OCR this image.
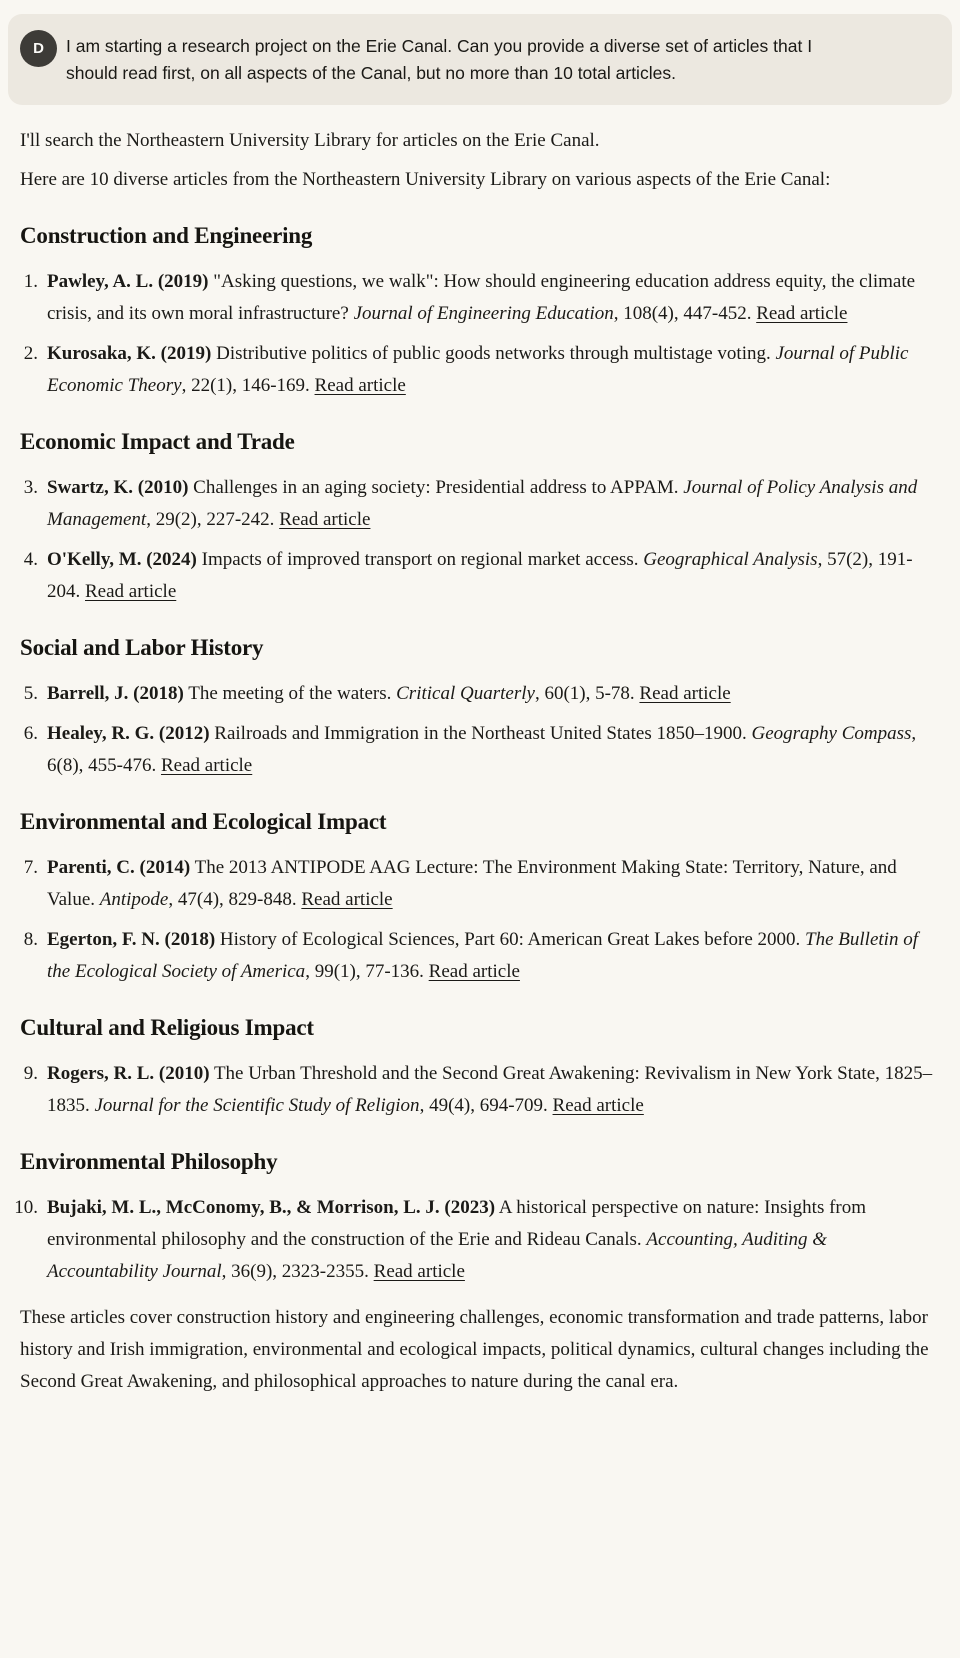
D	I am starting a research project on the Erie Canal. Can you provide a diverse set of articles that I should read first, on all aspects of the Canal, but no more than 10 total articles.

I'll search the Northeastern University Library for articles on the Erie Canal.

Here are 10 diverse articles from the Northeastern University Library on various aspects of the Erie Canal:

Construction and Engineering
1. Pawley, A. L. (2019) "Asking questions, we walk": How should engineering education address equity, the climate crisis, and its own moral infrastructure? Journal of Engineering Education, 108(4), 447-452. Read article
2. Kurosaka, K. (2019) Distributive politics of public goods networks through multistage voting. Journal of Public Economic Theory, 22(1), 146-169. Read article
Economic Impact and Trade
3. Swartz, K. (2010) Challenges in an aging society: Presidential address to APPAM. Journal of Policy Analysis and Management, 29(2), 227-242. Read article
4. O'Kelly, M. (2024) Impacts of improved transport on regional market access. Geographical Analysis, 57(2), 191-204. Read article
Social and Labor History
5. Barrell, J. (2018) The meeting of the waters. Critical Quarterly, 60(1), 5-78. Read article
6. Healey, R. G. (2012) Railroads and Immigration in the Northeast United States 1850–1900. Geography Compass, 6(8), 455-476. Read article
Environmental and Ecological Impact
7. Parenti, C. (2014) The 2013 ANTIPODE AAG Lecture: The Environment Making State: Territory, Nature, and Value. Antipode, 47(4), 829-848. Read article
8. Egerton, F. N. (2018) History of Ecological Sciences, Part 60: American Great Lakes before 2000. The Bulletin of the Ecological Society of America, 99(1), 77-136. Read article
Cultural and Religious Impact
9. Rogers, R. L. (2010) The Urban Threshold and the Second Great Awakening: Revivalism in New York State, 1825–1835. Journal for the Scientific Study of Religion, 49(4), 694-709. Read article
Environmental Philosophy
10. Bujaki, M. L., McConomy, B., & Morrison, L. J. (2023) A historical perspective on nature: Insights from environmental philosophy and the construction of the Erie and Rideau Canals. Accounting, Auditing & Accountability Journal, 36(9), 2323-2355. Read article

These articles cover construction history and engineering challenges, economic transformation and trade patterns, labor history and Irish immigration, environmental and ecological impacts, political dynamics, cultural changes including the Second Great Awakening, and philosophical approaches to nature during the canal era.
